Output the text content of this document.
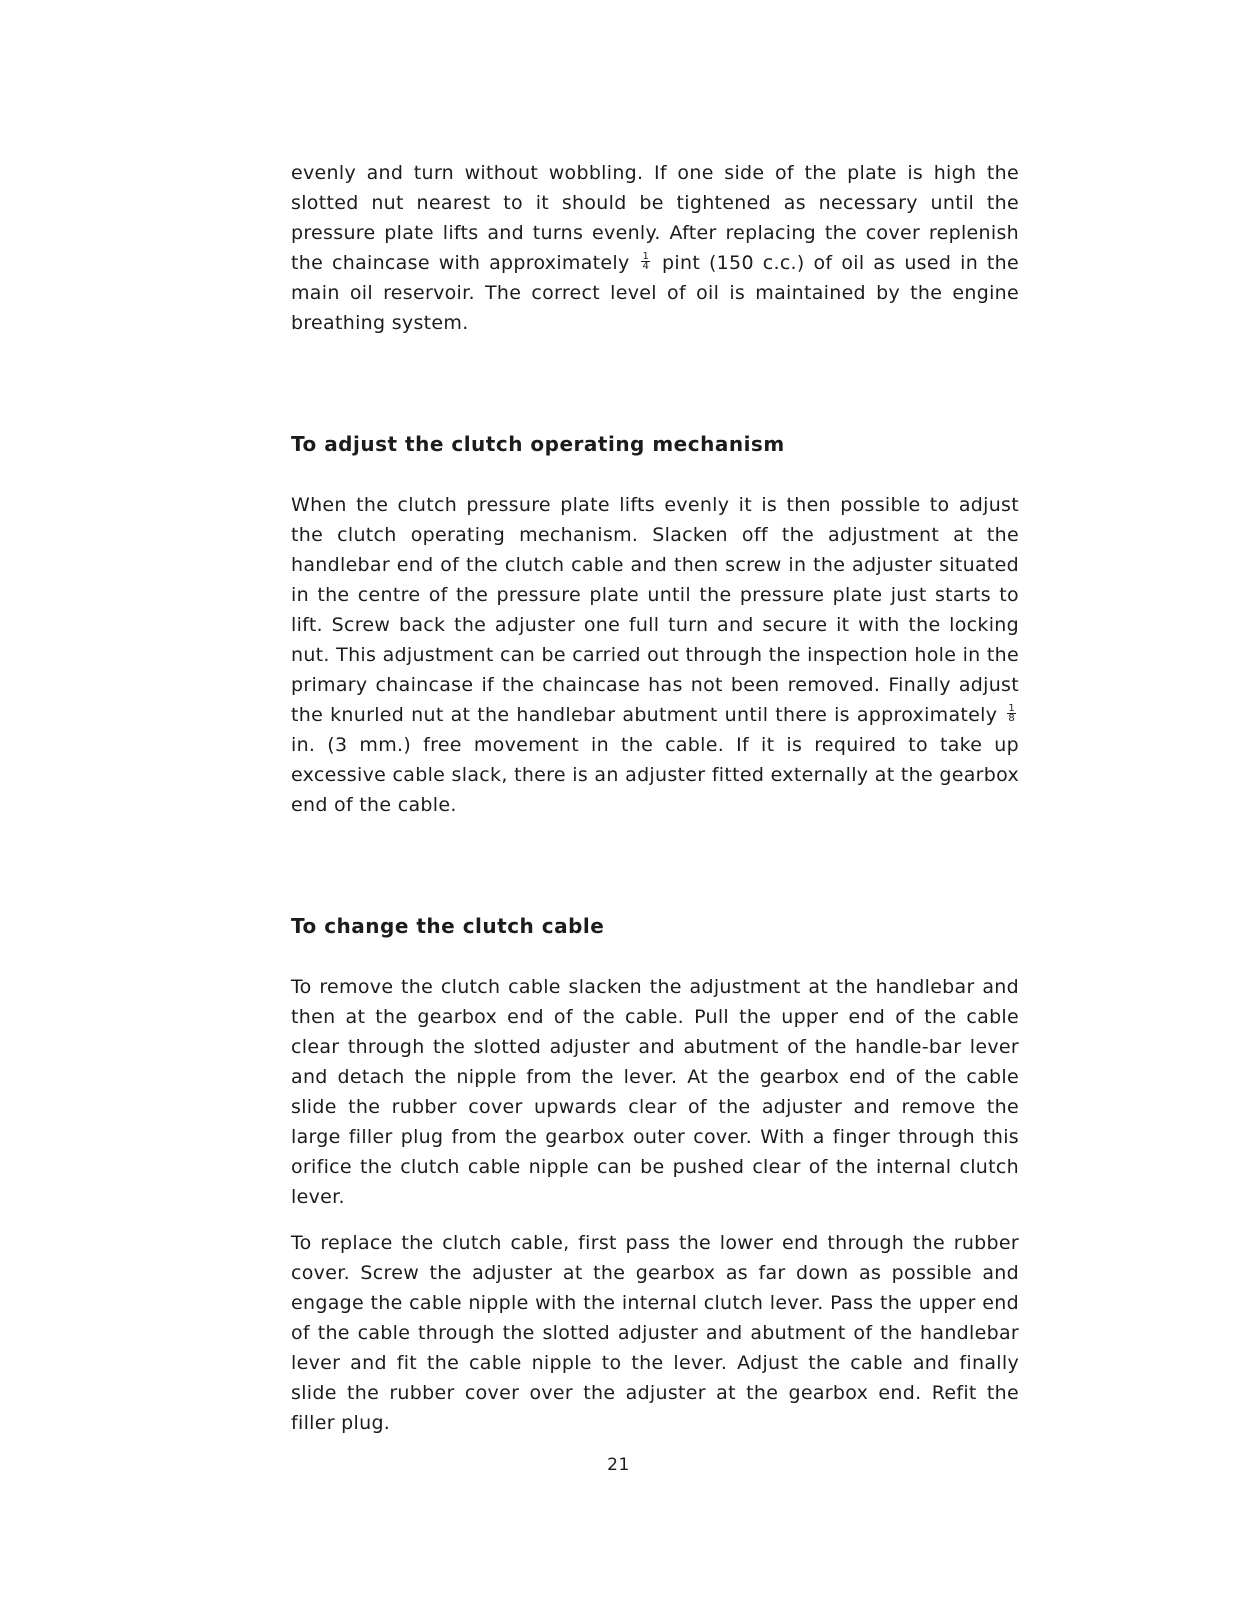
evenly and turn without wobbling. If one side of the plate is high the slotted nut nearest to it should be tightened as necessary until the pressure plate lifts and turns evenly. After replacing the cover replenish the chaincase with approximately $\frac{1}{4}$ pint (150 c.c.) of oil as used in the main oil reservoir. The correct level of oil is maintained by the engine breathing system.

To adjust the clutch operating mechanism

When the clutch pressure plate lifts evenly it is then possible to adjust the clutch operating mechanism. Slacken off the adjustment at the handlebar end of the clutch cable and then screw in the adjuster situated in the centre of the pressure plate until the pressure plate just starts to lift. Screw back the adjuster one full turn and secure it with the locking nut. This adjustment can be carried out through the inspection hole in the primary chaincase if the chaincase has not been removed. Finally adjust the knurled nut at the handlebar abutment until there is approximately $\frac{1}{8}$
in. (3 mm.) free movement in the cable. If it is required to take up excessive cable slack, there is an adjuster fitted externally at the gearbox end of the cable.

To change the clutch cable

To remove the clutch cable slacken the adjustment at the handlebar and then at the gearbox end of the cable. Pull the upper end of the cable clear through the slotted adjuster and abutment of the handle-bar lever and detach the nipple from the lever. At the gearbox end of the cable slide the rubber cover upwards clear of the adjuster and remove the large filler plug from the gearbox outer cover. With a finger through this orifice the clutch cable nipple can be pushed clear of the internal clutch lever.

To replace the clutch cable, first pass the lower end through the rubber cover. Screw the adjuster at the gearbox as far down as possible and engage the cable nipple with the internal clutch lever. Pass the upper end of the cable through the slotted adjuster and abutment of the handlebar lever and fit the cable nipple to the lever. Adjust the cable and finally slide the rubber cover over the adjuster at the gearbox end. Refit the filler plug.

21
